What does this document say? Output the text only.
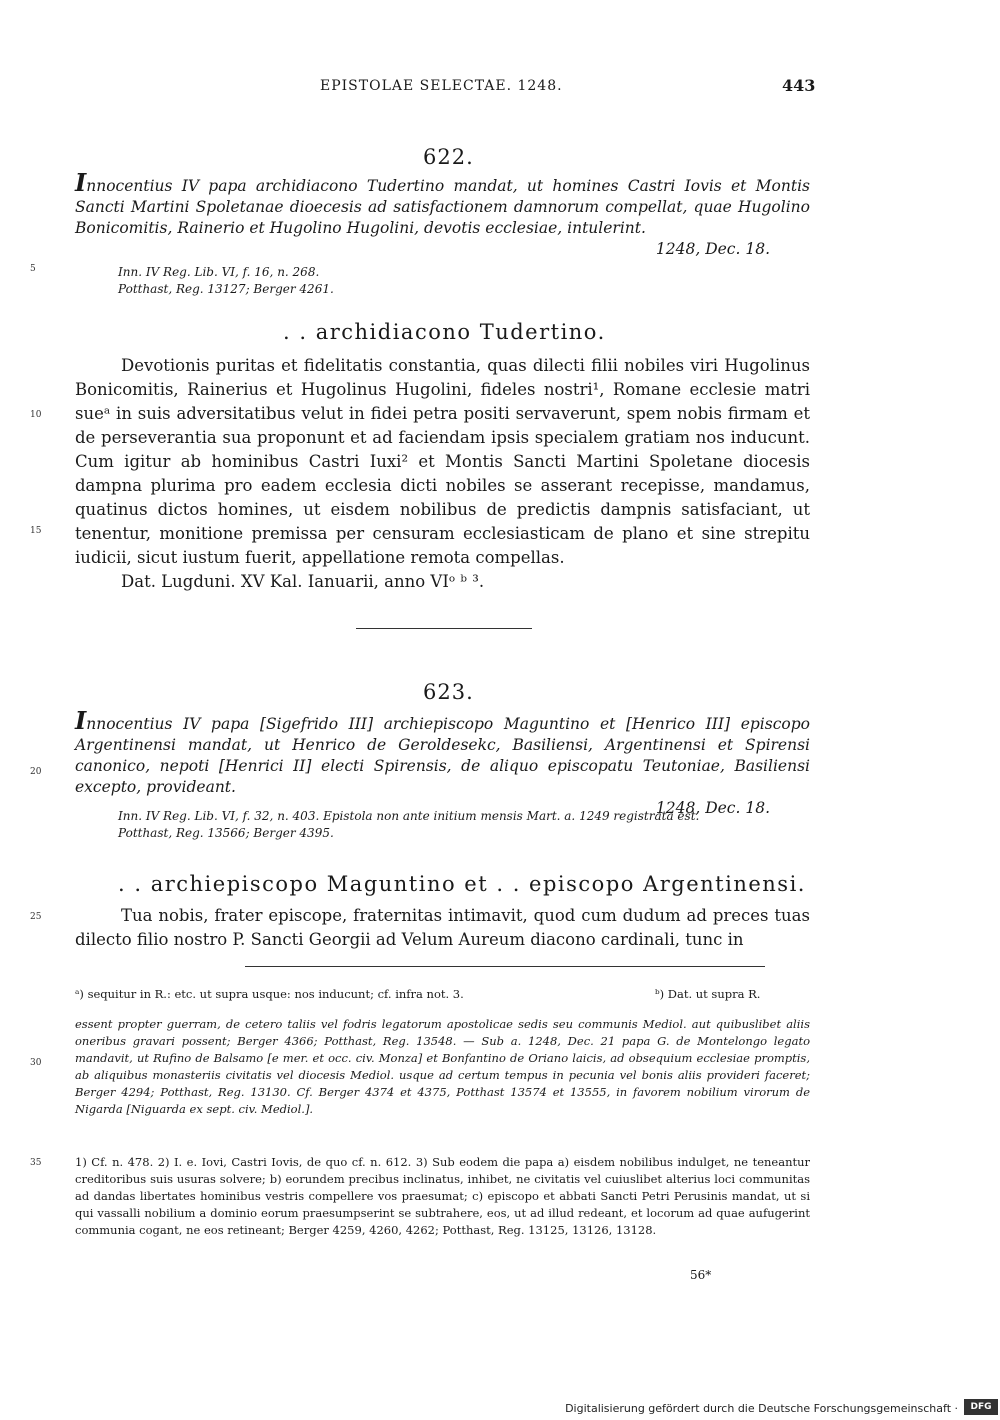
EPISTOLAE SELECTAE. 1248.	443
622.
Innocentius IV papa archidiacono Tudertino mandat, ut homines Castri Iovis et Montis Sancti Martini Spoletanae dioecesis ad satisfactionem damnorum compellat, quae Hugolino Bonicomitis, Rainerio et Hugolino Hugolini, devotis ecclesiae, intulerint.
1248, Dec. 18.
Inn. IV Reg. Lib. VI, f. 16, n. 268.
Potthast, Reg. 13127; Berger 4261.
. . archidiacono Tudertino.
Devotionis puritas et fidelitatis constantia, quas dilecti filii nobiles viri Hugolinus Bonicomitis, Rainerius et Hugolinus Hugolini, fideles nostri¹, Romane ecclesie matri sueᵃ in suis adversitatibus velut in fidei petra positi servaverunt, spem nobis firmam et de perseverantia sua proponunt et ad faciendam ipsis specialem gratiam nos inducunt. Cum igitur ab hominibus Castri Iuxi² et Montis Sancti Martini Spoletane diocesis dampna plurima pro eadem ecclesia dicti nobiles se asserant recepisse, mandamus, quatinus dictos homines, ut eisdem nobilibus de predictis dampnis satisfaciant, ut tenentur, monitione premissa per censuram ecclesiasticam de plano et sine strepitu iudicii, sicut iustum fuerit, appellatione remota compellas.
Dat. Lugduni. XV Kal. Ianuarii, anno VIᵒ ᵇ ³.
623.
Innocentius IV papa [Sigefrido III] archiepiscopo Maguntino et [Henrico III] episcopo Argentinensi mandat, ut Henrico de Geroldesekc, Basiliensi, Argentinensi et Spirensi canonico, nepoti [Henrici II] electi Spirensis, de aliquo episcopatu Teutoniae, Basiliensi excepto, provideant.
1248, Dec. 18.
Inn. IV Reg. Lib. VI, f. 32, n. 403. Epistola non ante initium mensis Mart. a. 1249 registrata est.
Potthast, Reg. 13566; Berger 4395.
. . archiepiscopo Maguntino et . . episcopo Argentinensi.
Tua nobis, frater episcope, fraternitas intimavit, quod cum dudum ad preces tuas dilecto filio nostro P. Sancti Georgii ad Velum Aureum diacono cardinali, tunc in
ᵃ) sequitur in R.: etc. ut supra usque: nos inducunt; cf. infra not. 3.	ᵇ) Dat. ut supra R.
essent propter guerram, de cetero taliis vel fodris legatorum apostolicae sedis seu communis Mediol. aut quibuslibet aliis oneribus gravari possent; Berger 4366; Potthast, Reg. 13548. — Sub a. 1248, Dec. 21 papa G. de Montelongo legato mandavit, ut Rufino de Balsamo [e mer. et occ. civ. Monza] et Bonfantino de Oriano laicis, ad obsequium ecclesiae promptis, ab aliquibus monasteriis civitatis vel diocesis Mediol. usque ad certum tempus in pecunia vel bonis aliis provideri faceret; Berger 4294; Potthast, Reg. 13130. Cf. Berger 4374 et 4375, Potthast 13574 et 13555, in favorem nobilium virorum de Nigarda [Niguarda ex sept. civ. Mediol.].
1) Cf. n. 478. 2) I. e. Iovi, Castri Iovis, de quo cf. n. 612. 3) Sub eodem die papa a) eisdem nobilibus indulget, ne teneantur creditoribus suis usuras solvere; b) eorundem precibus inclinatus, inhibet, ne civitatis vel cuiuslibet alterius loci communitas ad dandas libertates hominibus vestris compellere vos praesumat; c) episcopo et abbati Sancti Petri Perusinis mandat, ut si qui vassalli nobilium a dominio eorum praesumpserint se subtrahere, eos, ut ad illud redeant, et locorum ad quae aufugerint communia cogant, ne eos retineant; Berger 4259, 4260, 4262; Potthast, Reg. 13125, 13126, 13128.
56*
5
10
15
20
25
30
35
Digitalisierung gefördert durch die Deutsche Forschungsgemeinschaft ·	DFG
